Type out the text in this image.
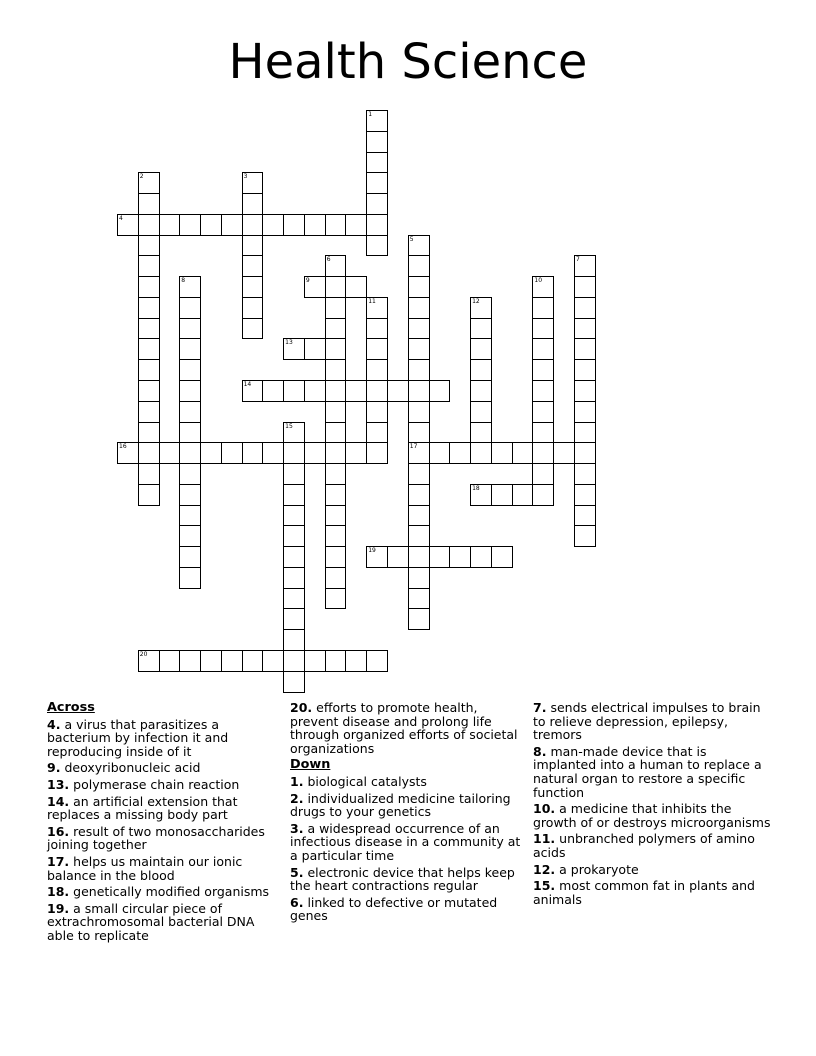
Health Science
1
2	3
4
5
17
6	7
8	9	10
11	12
13
14
15
16
18
19
20
Across
4. a virus that parasitizes a bacterium by infection it and reproducing inside of it
9. deoxyribonucleic acid
13. polymerase chain reaction
14. an artificial extension that replaces a missing body part
16. result of two monosaccharides joining together
17. helps us maintain our ionic balance in the blood
18. genetically modified organisms
19. a small circular piece of extrachromosomal bacterial DNA able to replicate
20. efforts to promote health, prevent disease and prolong life through organized efforts of societal organizations
Down
1. biological catalysts
2. individualized medicine tailoring drugs to your genetics
3. a widespread occurrence of an infectious disease in a community at a particular time
5. electronic device that helps keep the heart contractions regular
6. linked to defective or mutated genes
7. sends electrical impulses to brain to relieve depression, epilepsy, tremors
8. man-made device that is implanted into a human to replace a natural organ to restore a specific function
10. a medicine that inhibits the growth of or destroys microorganisms
11. unbranched polymers of amino acids
12. a prokaryote
15. most common fat in plants and animals
